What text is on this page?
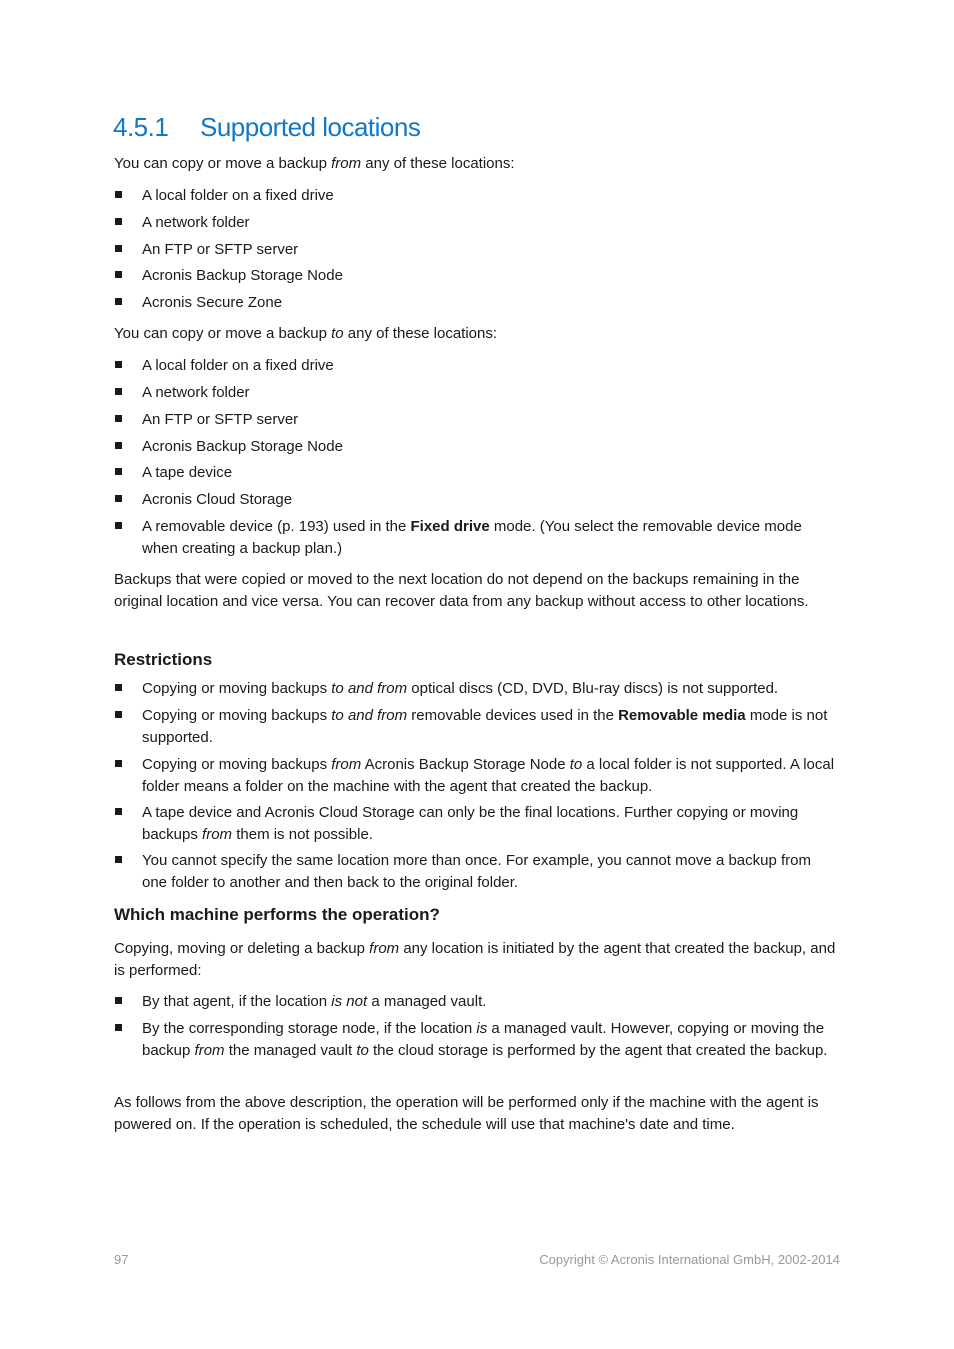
4.5.1 Supported locations

You can copy or move a backup from any of these locations:

A local folder on a fixed drive

A network folder

An FTP or SFTP server

Acronis Backup Storage Node

Acronis Secure Zone

You can copy or move a backup to any of these locations:

A local folder on a fixed drive

A network folder

An FTP or SFTP server

Acronis Backup Storage Node

A tape device

Acronis Cloud Storage

A removable device (p. 193) used in the Fixed drive mode. (You select the removable device mode when creating a backup plan.)

Backups that were copied or moved to the next location do not depend on the backups remaining in the original location and vice versa. You can recover data from any backup without access to other locations.

Restrictions

Copying or moving backups to and from optical discs (CD, DVD, Blu-ray discs) is not supported.

Copying or moving backups to and from removable devices used in the Removable media mode is not supported.

Copying or moving backups from Acronis Backup Storage Node to a local folder is not supported. A local folder means a folder on the machine with the agent that created the backup.

A tape device and Acronis Cloud Storage can only be the final locations. Further copying or moving backups from them is not possible.

You cannot specify the same location more than once. For example, you cannot move a backup from one folder to another and then back to the original folder.

Which machine performs the operation?

Copying, moving or deleting a backup from any location is initiated by the agent that created the backup, and is performed:

By that agent, if the location is not a managed vault.

By the corresponding storage node, if the location is a managed vault. However, copying or moving the backup from the managed vault to the cloud storage is performed by the agent that created the backup.

As follows from the above description, the operation will be performed only if the machine with the agent is powered on. If the operation is scheduled, the schedule will use that machine's date and time.

97	Copyright © Acronis International GmbH, 2002-2014
